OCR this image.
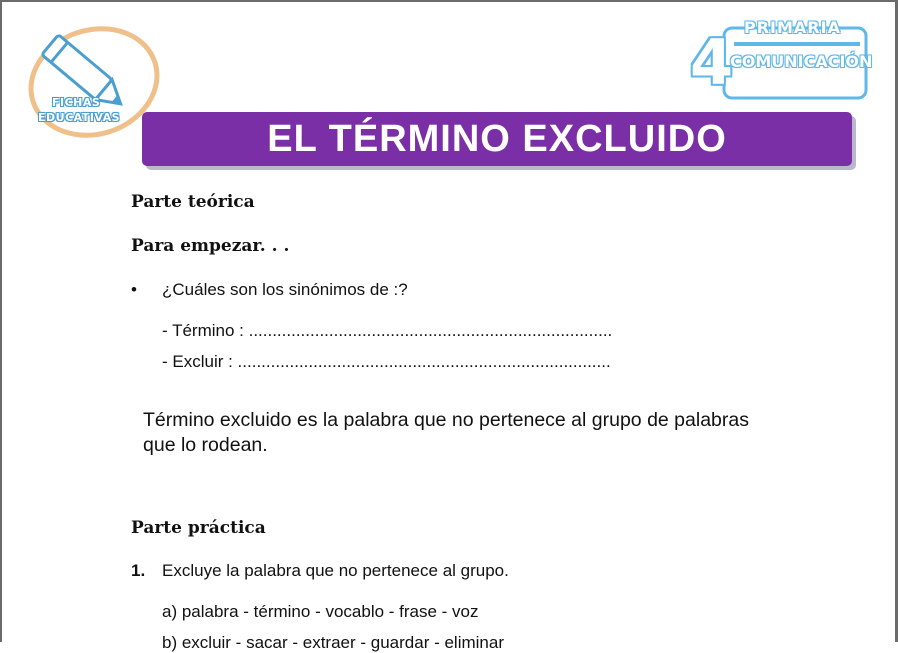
FICHAS
EDUCATIVAS
4 PRIMARIA
COMUNICACIÓN
EL TÉRMINO EXCLUIDO
Parte teórica
Para empezar. . .
• ¿Cuáles son los sinónimos de :?
- Término : .............................................................................
- Excluir : ...............................................................................
Término excluido es la palabra que no pertenece al grupo de palabras que lo rodean.
Parte práctica
1. Excluye la palabra que no pertenece al grupo.
a) palabra - término - vocablo - frase - voz
b) excluir - sacar - extraer - guardar - eliminar
